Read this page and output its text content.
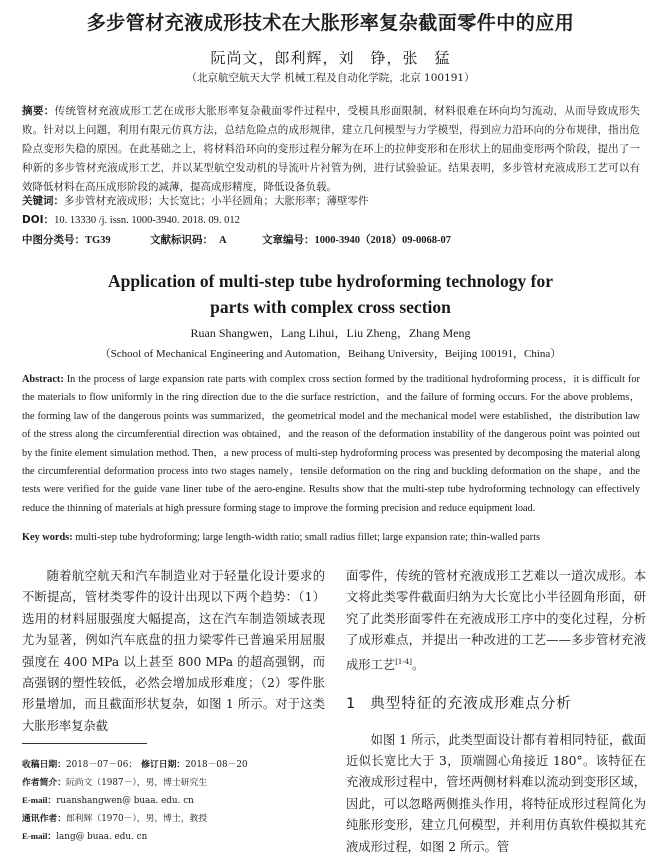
多步管材充液成形技术在大胀形率复杂截面零件中的应用
阮尚文，郎利辉，刘　铮，张　猛
（北京航空航天大学 机械工程及自动化学院，北京 100191）
摘要：传统管材充液成形工艺在成形大胀形率复杂截面零件过程中，受模具形面限制，材料很难在环向均匀流动，从而导致成形失败。针对以上问题，利用有限元仿真方法，总结危险点的成形规律，建立几何模型与力学模型，得到应力沿环向的分布规律，指出危险点变形失稳的原因。在此基础之上，将材料沿环向的变形过程分解为在环上的拉伸变形和在形状上的屈曲变形两个阶段，提出了一种新的多步管材充液成形工艺，并以某型航空发动机的导流叶片衬管为例，进行试验验证。结果表明，多步管材充液成形工艺可以有效降低材料在高压成形阶段的减薄，提高成形精度，降低设备负载。
关键词：多步管材充液成形；大长宽比；小半径圆角；大胀形率；薄壁零件
DOI：10. 13330 /j. issn. 1000-3940. 2018. 09. 012
中图分类号：TG39	文献标识码： A	文章编号：1000-3940（2018）09-0068-07
Application of multi-step tube hydroforming technology for
parts with complex cross section
Ruan Shangwen，Lang Lihui，Liu Zheng，Zhang Meng
（School of Mechanical Engineering and Automation，Beihang University，Beijing 100191，China）
Abstract: In the process of large expansion rate parts with complex cross section formed by the traditional hydroforming process，it is difficult for the materials to flow uniformly in the ring direction due to the die surface restriction，and the failure of forming occurs. For the above problems，the forming law of the dangerous points was summarized，the geometrical model and the mechanical model were established，the distribution law of the stress along the circumferential direction was obtained，and the reason of the deformation instability of the dangerous point was pointed out by the finite element simulation method. Then，a new process of multi-step hydroforming process was presented by decomposing the material along the circumferential deformation process into two stages namely，tensile deformation on the ring and buckling deformation on the shape，and the tests were verified for the guide vane liner tube of the aero-engine. Results show that the multi-step tube hydroforming technology can effectively reduce the thinning of materials at high pressure forming stage to improve the forming precision and reduce equipment load.
Key words: multi-step tube hydroforming; large length-width ratio; small radius fillet; large expansion rate; thin-walled parts
随着航空航天和汽车制造业对于轻量化设计要求的不断提高，管材类零件的设计出现以下两个趋势：（1）选用的材料屈服强度大幅提高，这在汽车制造领域表现尤为显著，例如汽车底盘的扭力梁零件已普遍采用屈服强度在 400 MPa 以上甚至 800 MPa 的超高强钢，而高强钢的塑性较低，必然会增加成形难度；（2）零件胀形量增加，而且截面形状复杂，如图 1 所示。对于这类大胀形率复杂截
面零件，传统的管材充液成形工艺难以一道次成形。本文将此类零件截面归纳为大长宽比小半径圆角形面，研究了此类形面零件在充液成形工序中的变化过程，分析了成形难点，并提出一种改进的工艺——多步管材充液成形工艺[1-4]。
1 典型特征的充液成形难点分析
如图 1 所示，此类型面设计都有着相同特征，截面近似长宽比大于 3，顶端圆心角接近 180°。该特征在充液成形过程中，管坯两侧材料难以流动到变形区域，因此，可以忽略两侧推头作用，将特征成形过程简化为纯胀形变形，建立几何模型，并利用仿真软件模拟其充液成形过程，如图 2 所示。管
收稿日期：2018－07－06； 修订日期：2018－08－20
作者简介：阮尚文（1987－），男，博士研究生
E-mail：ruanshangwen@ buaa. edu. cn
通讯作者：郎利辉（1970－），男，博士，教授
E-mail：lang@ buaa. edu. cn
